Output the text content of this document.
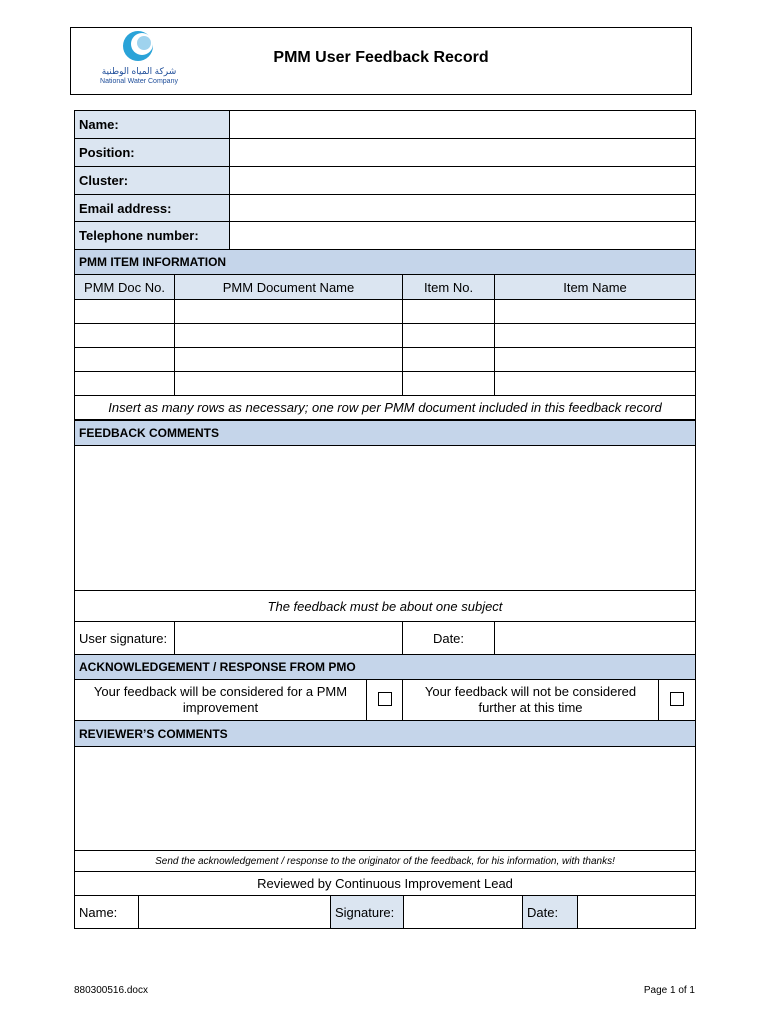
شركة المياه الوطنية
National Water Company
PMM User Feedback Record
Name:	
Position:	
Cluster:	
Email address:	
Telephone number:	
PMM ITEM INFORMATION			
PMM Doc No.	PMM Document Name	Item No.	Item Name

Insert as many rows as necessary; one row per PMM document included in this feedback record			
FEEDBACK COMMENTS

The feedback must be about one subject
User signature:		Date:	
ACKNOWLEDGEMENT / RESPONSE FROM PMO
Your feedback will be considered for a PMM improvement		Your feedback will not be considered further at this time	
REVIEWER’S COMMENTS

Send the acknowledgement / response to the originator of the feedback, for his information, with thanks!
Reviewed by Continuous Improvement Lead
Name:		Signature:		Date:	
880300516.docx	Page 1 of 1
